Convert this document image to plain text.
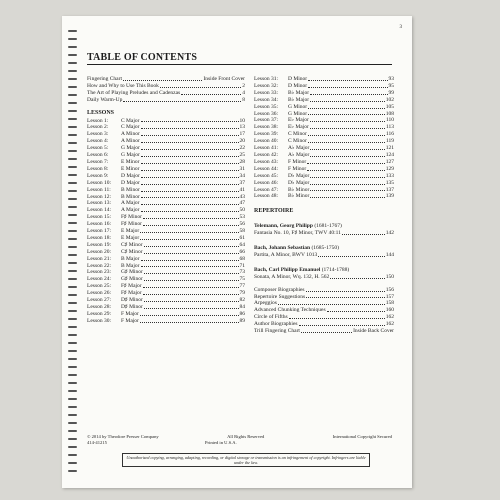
3
TABLE OF CONTENTS
Fingering Chart	Inside Front Cover
How and Why to Use This Book	2
The Art of Playing Preludes and Cadenzas	4
Daily Warm-Up	8
LESSONS
Lesson 1: C Major	10
Lesson 2: C Major	13
Lesson 3: A Minor	17
Lesson 4: A Minor	20
Lesson 5: G Major	22
Lesson 6: G Major	25
Lesson 7: E Minor	28
Lesson 8: E Minor	31
Lesson 9: D Major	34
Lesson 10: D Major	37
Lesson 11: B Minor	41
Lesson 12: B Minor	43
Lesson 13: A Major	47
Lesson 14: A Major	50
Lesson 15: F♯ Minor	53
Lesson 16: F♯ Minor	56
Lesson 17: E Major	58
Lesson 18: E Major	61
Lesson 19: C♯ Minor	64
Lesson 20: C♯ Minor	66
Lesson 21: B Major	68
Lesson 22: B Major	71
Lesson 23: G♯ Minor	73
Lesson 24: G♯ Minor	75
Lesson 25: F♯ Major	77
Lesson 26: F♯ Major	79
Lesson 27: D♯ Minor	82
Lesson 28: D♯ Minor	84
Lesson 29: F Major	86
Lesson 30: F Major	89
Lesson 31: D Minor	93
Lesson 32: D Minor	95
Lesson 33: B♭ Major	99
Lesson 34: B♭ Major	102
Lesson 35: G Minor	105
Lesson 36: G Minor	108
Lesson 37: E♭ Major	110
Lesson 38: E♭ Major	113
Lesson 39: C Minor	116
Lesson 40: C Minor	119
Lesson 41: A♭ Major	121
Lesson 42: A♭ Major	124
Lesson 43: F Minor	127
Lesson 44: F Minor	129
Lesson 45: D♭ Major	133
Lesson 46: D♭ Major	135
Lesson 47: B♭ Minor	137
Lesson 48: B♭ Minor	139
REPERTOIRE
Telemann, Georg Philipp (1681-1767)
Fantasia No. 10, F♯ Minor, TWV 40:11	142
Bach, Johann Sebastian (1685-1750)
Partita, A Minor, BWV 1013	144
Bach, Carl Philipp Emanuel (1714-1788)
Sonata, A Minor, Wq. 132, H. 562	150
Composer Biographies	156
Repertoire Suggestions	157
Arpeggios	158
Advanced Chunking Techniques	160
Circle of Fifths	162
Author Biographies	162
Trill Fingering Chart	Inside Back Cover
© 2014 by Theodore Presser Company	All Rights Reserved	International Copyright Secured
414-41215	Printed in U.S.A.
Unauthorized copying, arranging, adapting, recording, or digital storage or transmission is an infringement of copyright. Infringers are liable under the law.
